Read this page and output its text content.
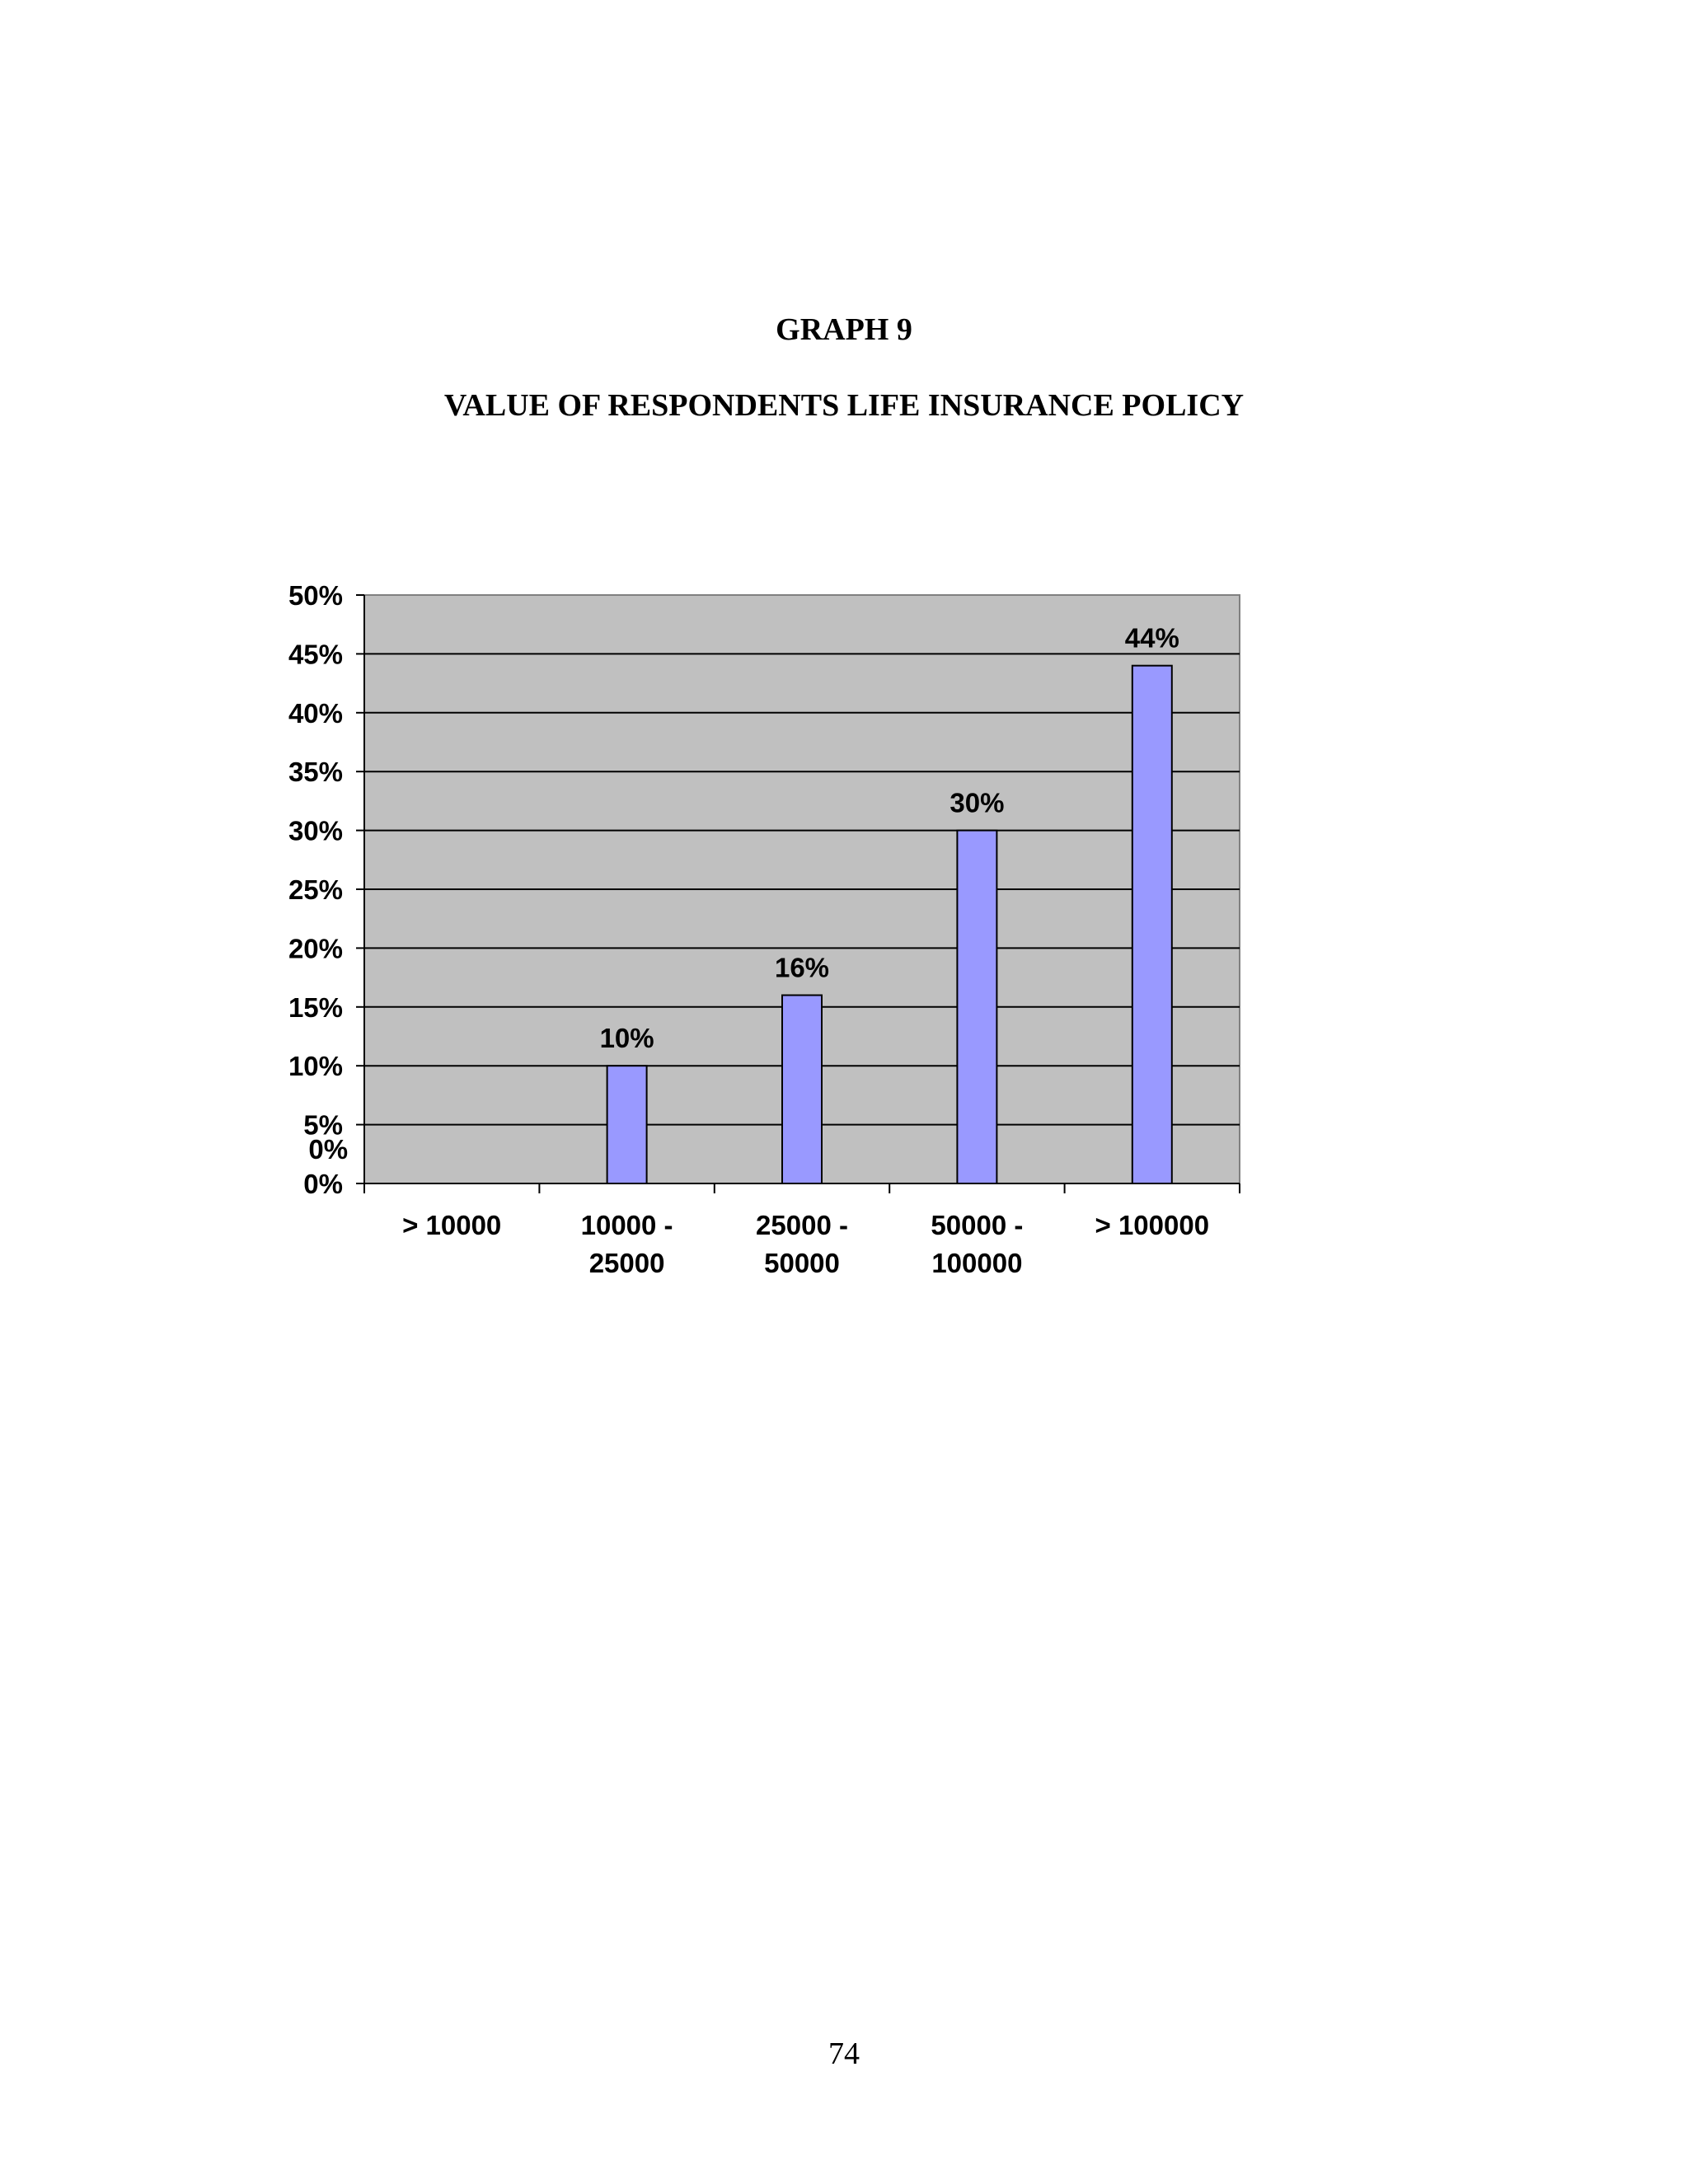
GRAPH 9
VALUE OF RESPONDENTS LIFE INSURANCE POLICY
0%
5%
10%
15%
20%
25%
30%
35%
40%
45%
50%
0%
> 10000
10%
10000 -
25000
16%
25000 -
50000
30%
50000 -
100000
44%
> 100000
74
